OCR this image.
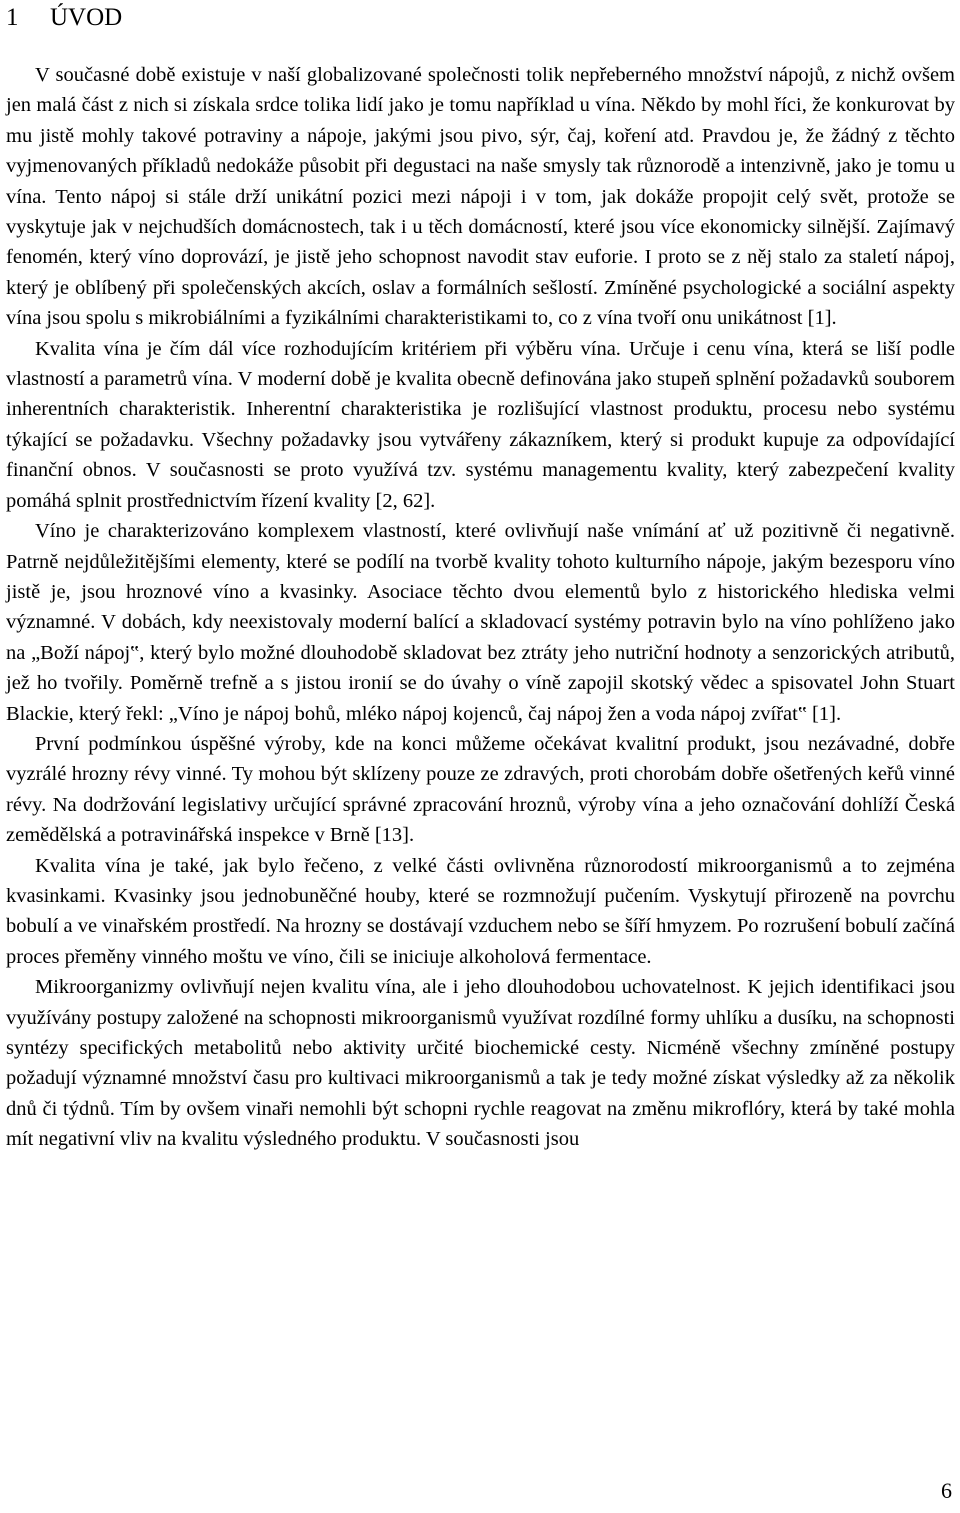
1 ÚVOD

V současné době existuje v naší globalizované společnosti tolik nepřeberného množství nápojů, z nichž ovšem jen malá část z nich si získala srdce tolika lidí jako je tomu například u vína. Někdo by mohl říci, že konkurovat by mu jistě mohly takové potraviny a nápoje, jakými jsou pivo, sýr, čaj, koření atd. Pravdou je, že žádný z těchto vyjmenovaných příkladů nedokáže působit při degustaci na naše smysly tak různorodě a intenzivně, jako je tomu u vína. Tento nápoj si stále drží unikátní pozici mezi nápoji i v tom, jak dokáže propojit celý svět, protože se vyskytuje jak v nejchudších domácnostech, tak i u těch domácností, které jsou více ekonomicky silnější. Zajímavý fenomén, který víno doprovází, je jistě jeho schopnost navodit stav euforie. I proto se z něj stalo za staletí nápoj, který je oblíbený při společenských akcích, oslav a formálních sešlostí. Zmíněné psychologické a sociální aspekty vína jsou spolu s mikrobiálními a fyzikálními charakteristikami to, co z vína tvoří onu unikátnost [1].

Kvalita vína je čím dál více rozhodujícím kritériem při výběru vína. Určuje i cenu vína, která se liší podle vlastností a parametrů vína. V moderní době je kvalita obecně definována jako stupeň splnění požadavků souborem inherentních charakteristik. Inherentní charakteristika je rozlišující vlastnost produktu, procesu nebo systému týkající se požadavku. Všechny požadavky jsou vytvářeny zákazníkem, který si produkt kupuje za odpovídající finanční obnos. V současnosti se proto využívá tzv. systému managementu kvality, který zabezpečení kvality pomáhá splnit prostřednictvím řízení kvality [2, 62].

Víno je charakterizováno komplexem vlastností, které ovlivňují naše vnímání ať už pozitivně či negativně. Patrně nejdůležitějšími elementy, které se podílí na tvorbě kvality tohoto kulturního nápoje, jakým bezesporu víno jistě je, jsou hroznové víno a kvasinky. Asociace těchto dvou elementů bylo z historického hlediska velmi významné. V dobách, kdy neexistovaly moderní balící a skladovací systémy potravin bylo na víno pohlíženo jako na „Boží nápoj‟, který bylo možné dlouhodobě skladovat bez ztráty jeho nutriční hodnoty a senzorických atributů, jež ho tvořily. Poměrně trefně a s jistou ironií se do úvahy o víně zapojil skotský vědec a spisovatel John Stuart Blackie, který řekl: „Víno je nápoj bohů, mléko nápoj kojenců, čaj nápoj žen a voda nápoj zvířat‟ [1].

První podmínkou úspěšné výroby, kde na konci můžeme očekávat kvalitní produkt, jsou nezávadné, dobře vyzrálé hrozny révy vinné. Ty mohou být sklízeny pouze ze zdravých, proti chorobám dobře ošetřených keřů vinné révy. Na dodržování legislativy určující správné zpracování hroznů, výroby vína a jeho označování dohlíží Česká zemědělská a potravinářská inspekce v Brně [13].

Kvalita vína je také, jak bylo řečeno, z velké části ovlivněna různorodostí mikroorganismů a to zejména kvasinkami. Kvasinky jsou jednobuněčné houby, které se rozmnožují pučením. Vyskytují přirozeně na povrchu bobulí a ve vinařském prostředí. Na hrozny se dostávají vzduchem nebo se šíří hmyzem. Po rozrušení bobulí začíná proces přeměny vinného moštu ve víno, čili se iniciuje alkoholová fermentace.

Mikroorganizmy ovlivňují nejen kvalitu vína, ale i jeho dlouhodobou uchovatelnost. K jejich identifikaci jsou využívány postupy založené na schopnosti mikroorganismů využívat rozdílné formy uhlíku a dusíku, na schopnosti syntézy specifických metabolitů nebo aktivity určité biochemické cesty. Nicméně všechny zmíněné postupy požadují významné množství času pro kultivaci mikroorganismů a tak je tedy možné získat výsledky až za několik dnů či týdnů. Tím by ovšem vinaři nemohli být schopni rychle reagovat na změnu mikroflóry, která by také mohla mít negativní vliv na kvalitu výsledného produktu. V současnosti jsou

6
